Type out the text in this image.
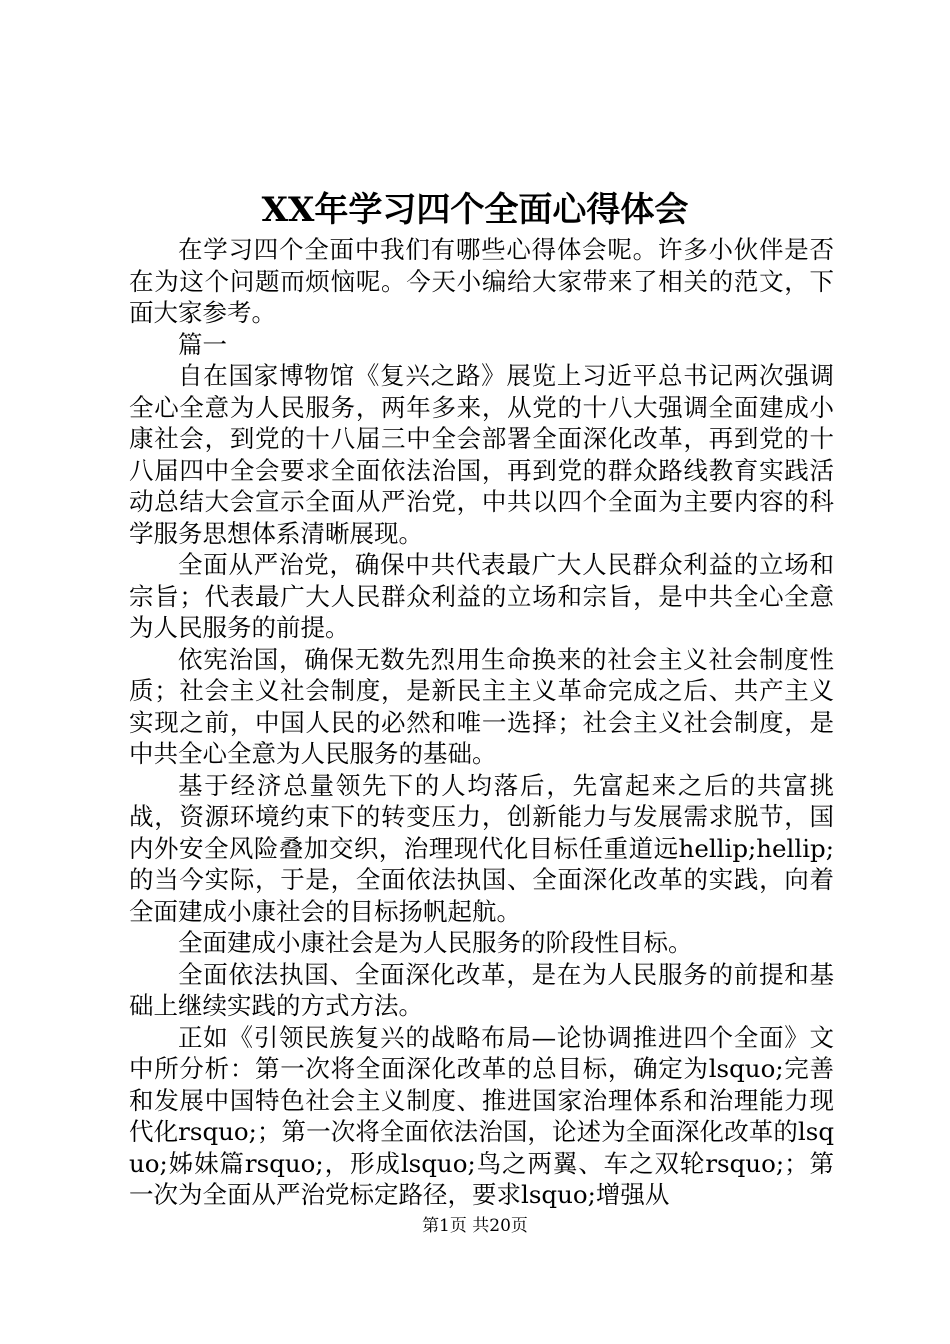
XX年学习四个全面心得体会

在学习四个全面中我们有哪些心得体会呢。许多小伙伴是否在为这个问题而烦恼呢。今天小编给大家带来了相关的范文，下面大家参考。

篇一

自在国家博物馆《复兴之路》展览上习近平总书记两次强调全心全意为人民服务，两年多来，从党的十八大强调全面建成小康社会，到党的十八届三中全会部署全面深化改革，再到党的十八届四中全会要求全面依法治国，再到党的群众路线教育实践活动总结大会宣示全面从严治党，中共以四个全面为主要内容的科学服务思想体系清晰展现。

全面从严治党，确保中共代表最广大人民群众利益的立场和宗旨；代表最广大人民群众利益的立场和宗旨，是中共全心全意为人民服务的前提。

依宪治国，确保无数先烈用生命换来的社会主义社会制度性质；社会主义社会制度，是新民主主义革命完成之后、共产主义实现之前，中国人民的必然和唯一选择；社会主义社会制度，是中共全心全意为人民服务的基础。

基于经济总量领先下的人均落后，先富起来之后的共富挑战，资源环境约束下的转变压力，创新能力与发展需求脱节，国内外安全风险叠加交织，治理现代化目标任重道远hellip;hellip;的当今实际，于是，全面依法执国、全面深化改革的实践，向着全面建成小康社会的目标扬帆起航。

全面建成小康社会是为人民服务的阶段性目标。

全面依法执国、全面深化改革，是在为人民服务的前提和基础上继续实践的方式方法。

正如《引领民族复兴的战略布局—论协调推进四个全面》文中所分析：第一次将全面深化改革的总目标，确定为lsquo;完善和发展中国特色社会主义制度、推进国家治理体系和治理能力现代化rsquo;；第一次将全面依法治国，论述为全面深化改革的lsquo;姊妹篇rsquo;，形成lsquo;鸟之两翼、车之双轮rsquo;；第一次为全面从严治党标定路径，要求lsquo;增强从

第1页 共20页
